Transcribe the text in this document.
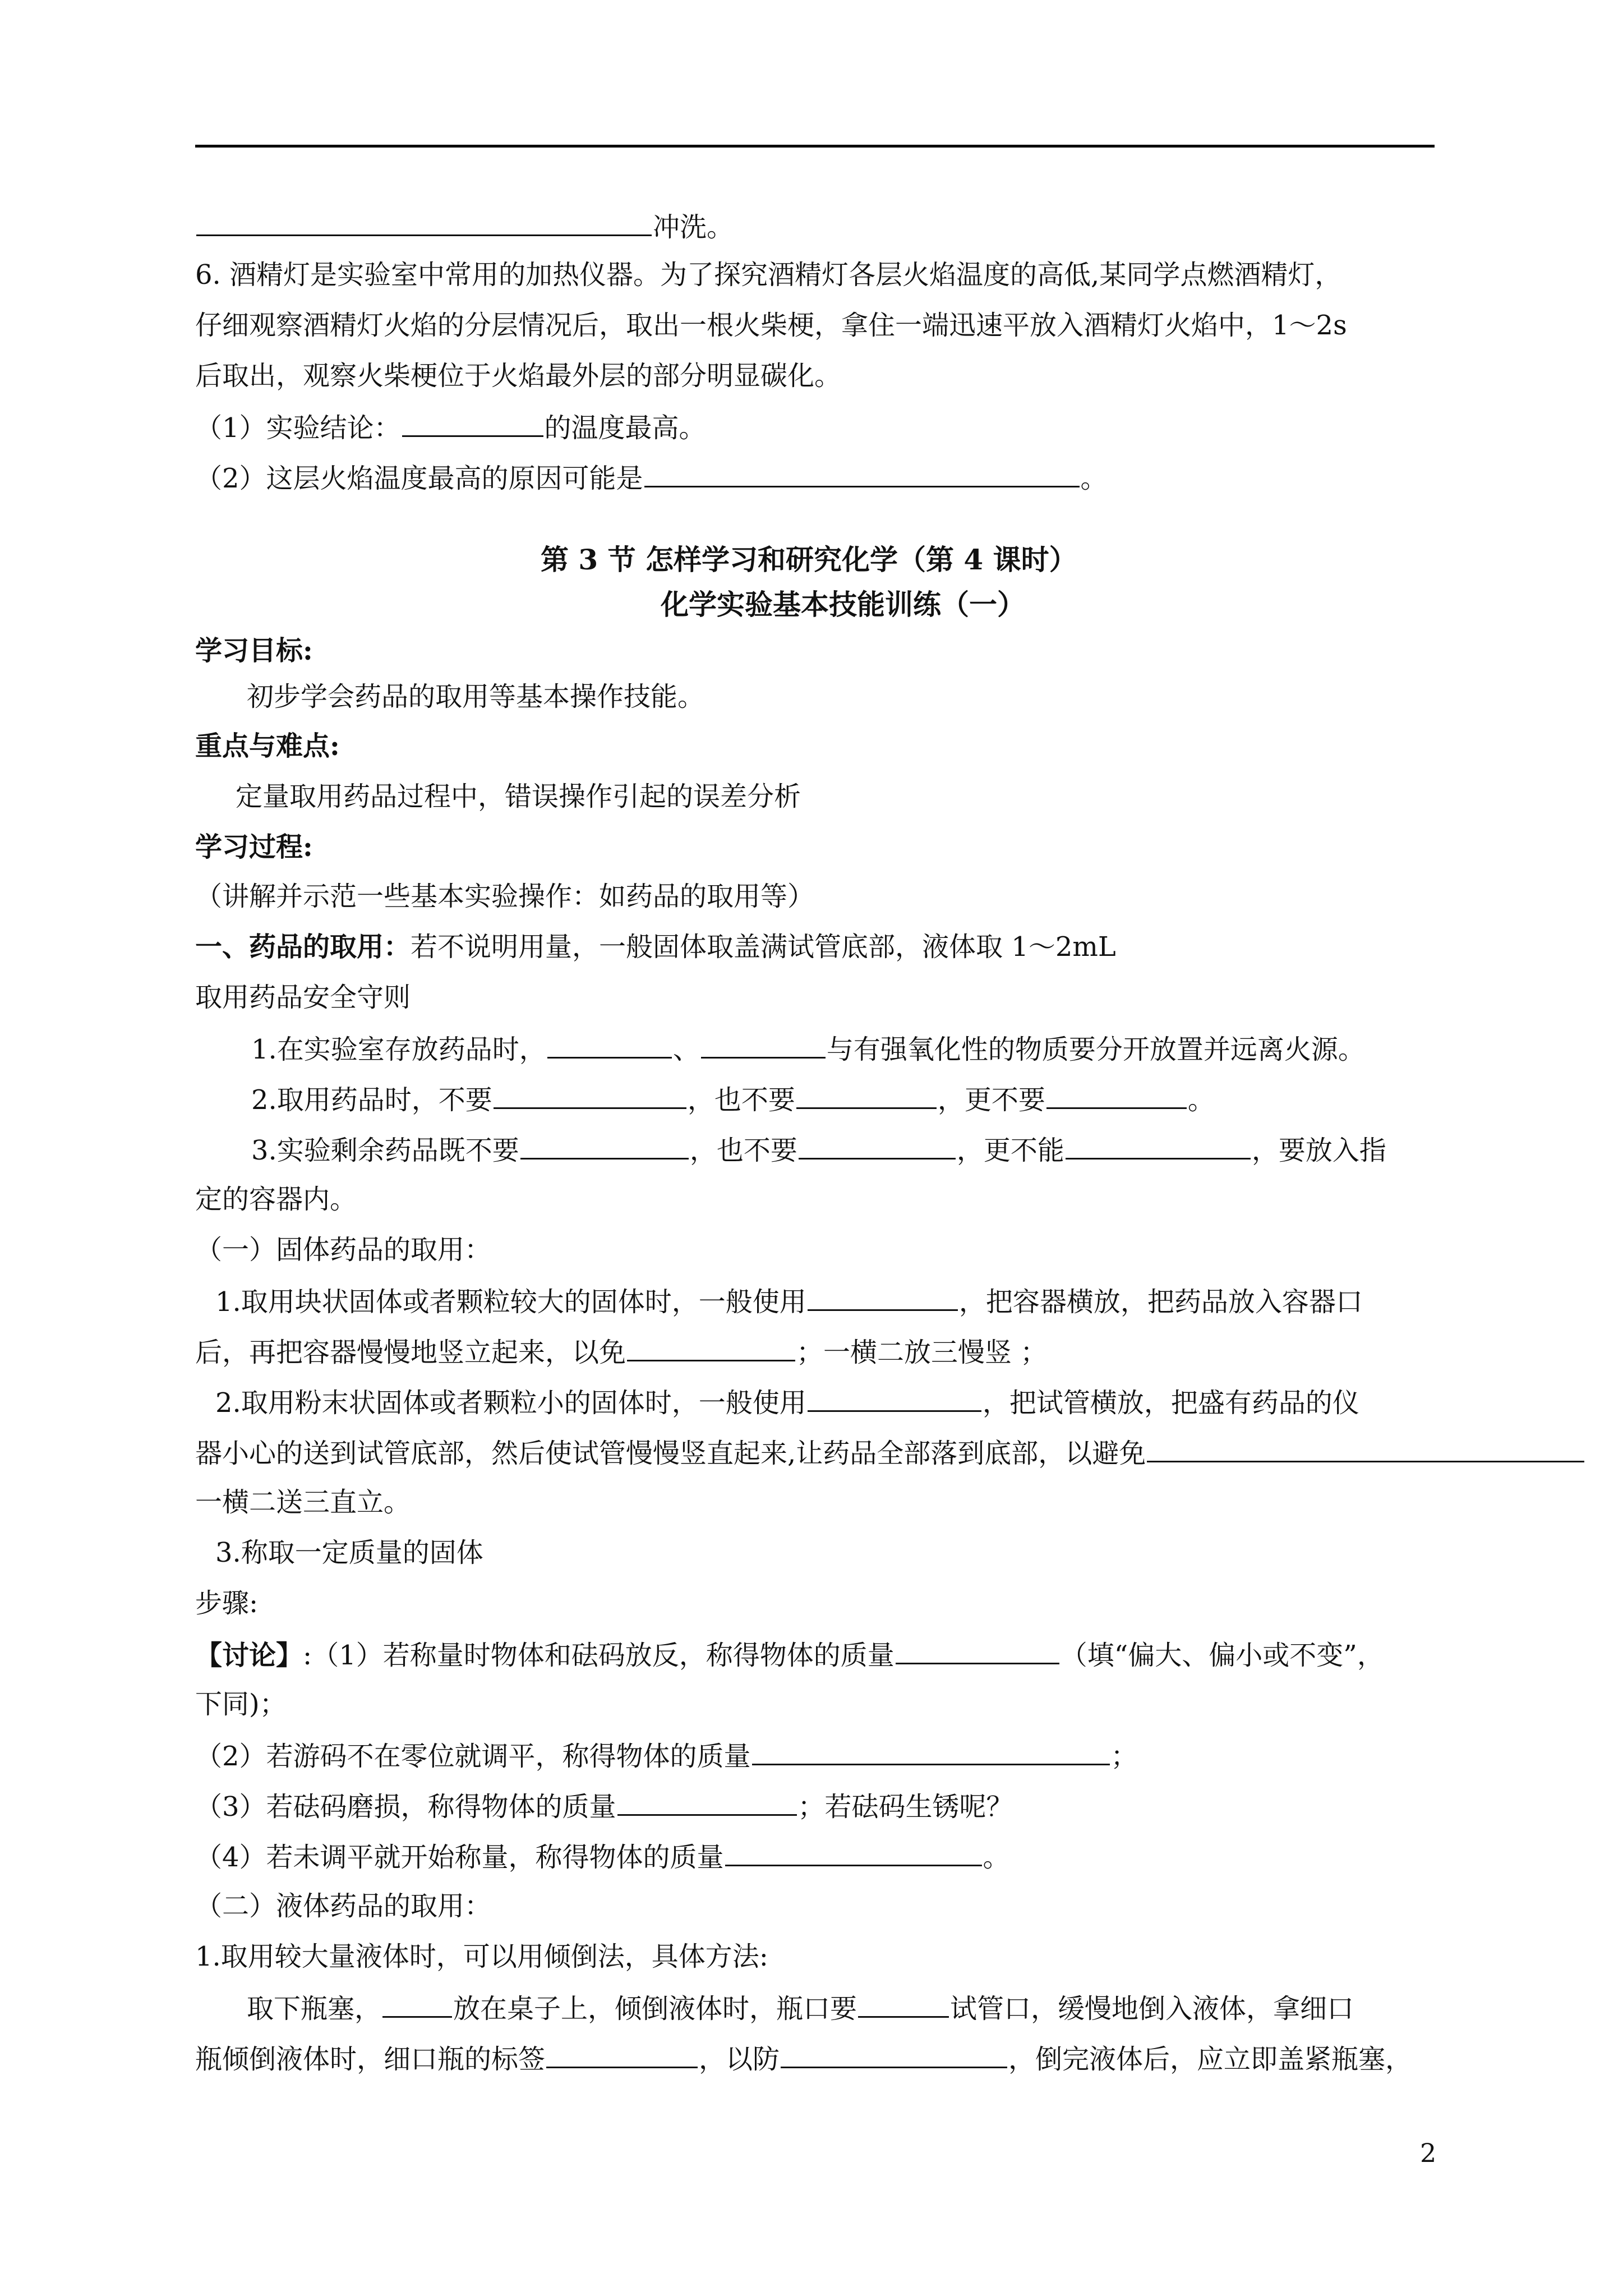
冲洗。
6. 酒精灯是实验室中常用的加热仪器。为了探究酒精灯各层火焰温度的高低,某同学点燃酒精灯，
仔细观察酒精灯火焰的分层情况后，取出一根火柴梗，拿住一端迅速平放入酒精灯火焰中，1～2s
后取出，观察火柴梗位于火焰最外层的部分明显碳化。
（1）实验结论：	的温度最高。
（2）这层火焰温度最高的原因可能是	。
第 3 节 怎样学习和研究化学（第 4 课时）
化学实验基本技能训练（一）
学习目标:
初步学会药品的取用等基本操作技能。
重点与难点:
定量取用药品过程中，错误操作引起的误差分析
学习过程:
（讲解并示范一些基本实验操作：如药品的取用等）
一、药品的取用：若不说明用量，一般固体取盖满试管底部，液体取 1～2mL
取用药品安全守则
1.在实验室存放药品时，	、	与有强氧化性的物质要分开放置并远离火源。
2.取用药品时，不要	，也不要	，更不要	。
3.实验剩余药品既不要	，也不要	，更不能	，要放入指
定的容器内。
（一）固体药品的取用：
1.取用块状固体或者颗粒较大的固体时，一般使用	，把容器横放，把药品放入容器口
后，再把容器慢慢地竖立起来，以免	；一横二放三慢竖 ；
2.取用粉末状固体或者颗粒小的固体时，一般使用	，把试管横放，把盛有药品的仪
器小心的送到试管底部，然后使试管慢慢竖直起来,让药品全部落到底部，以避免
一横二送三直立。
3.称取一定质量的固体
步骤:
【讨论】:（1）若称量时物体和砝码放反，称得物体的质量	（填“偏大、偏小或不变”，
下同)；
（2）若游码不在零位就调平，称得物体的质量	；
（3）若砝码磨损，称得物体的质量	；若砝码生锈呢？
（4）若未调平就开始称量，称得物体的质量	。
（二）液体药品的取用：
1.取用较大量液体时，可以用倾倒法，具体方法:
取下瓶塞，	放在桌子上，倾倒液体时，瓶口要	试管口，缓慢地倒入液体，拿细口
瓶倾倒液体时，细口瓶的标签	，以防	，倒完液体后，应立即盖紧瓶塞，
2
